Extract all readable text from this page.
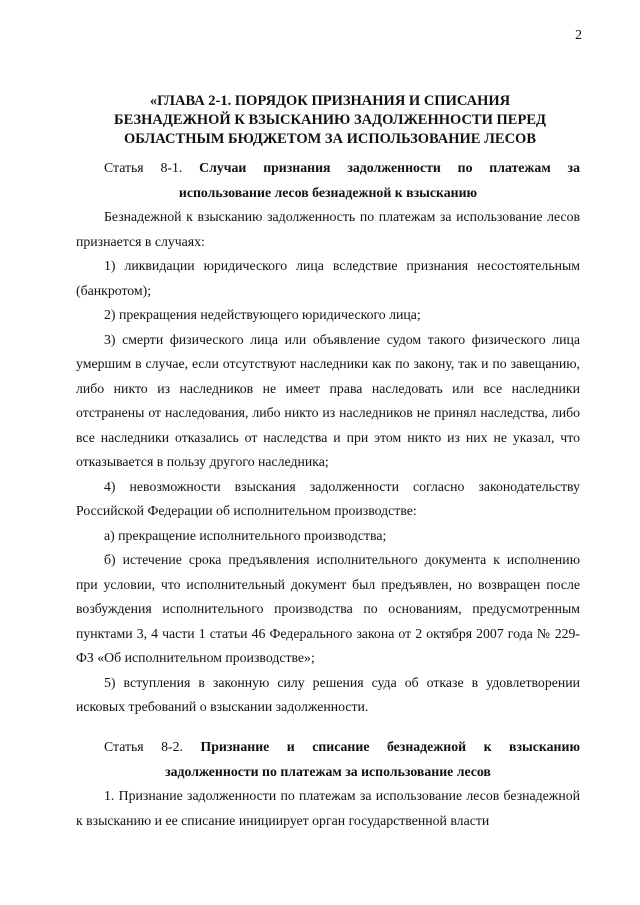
2
«ГЛАВА 2-1. ПОРЯДОК ПРИЗНАНИЯ И СПИСАНИЯ
БЕЗНАДЕЖНОЙ К ВЗЫСКАНИЮ ЗАДОЛЖЕННОСТИ ПЕРЕД
ОБЛАСТНЫМ БЮДЖЕТОМ ЗА ИСПОЛЬЗОВАНИЕ ЛЕСОВ

Статья 8-1. Случаи признания задолженности по платежам за

использование лесов безнадежной к взысканию

Безнадежной к взысканию задолженность по платежам за использование лесов признается в случаях:

1) ликвидации юридического лица вследствие признания несостоятельным (банкротом);

2) прекращения недействующего юридического лица;

3) смерти физического лица или объявление судом такого физического лица умершим в случае, если отсутствуют наследники как по закону, так и по завещанию, либо никто из наследников не имеет права наследовать или все наследники отстранены от наследования, либо никто из наследников не принял наследства, либо все наследники отказались от наследства и при этом никто из них не указал, что отказывается в пользу другого наследника;

4) невозможности взыскания задолженности согласно законодательству Российской Федерации об исполнительном производстве:

а) прекращение исполнительного производства;

б) истечение срока предъявления исполнительного документа к исполнению при условии, что исполнительный документ был предъявлен, но возвращен после возбуждения исполнительного производства по основаниям, предусмотренным пунктами 3, 4 части 1 статьи 46 Федерального закона от 2 октября 2007 года № 229-ФЗ «Об исполнительном производстве»;

5) вступления в законную силу решения суда об отказе в удовлетворении исковых требований о взыскании задолженности.

Статья 8-2. Признание и списание безнадежной к взысканию

задолженности по платежам за использование лесов

1. Признание задолженности по платежам за использование лесов безнадежной к взысканию и ее списание инициирует орган государственной власти
